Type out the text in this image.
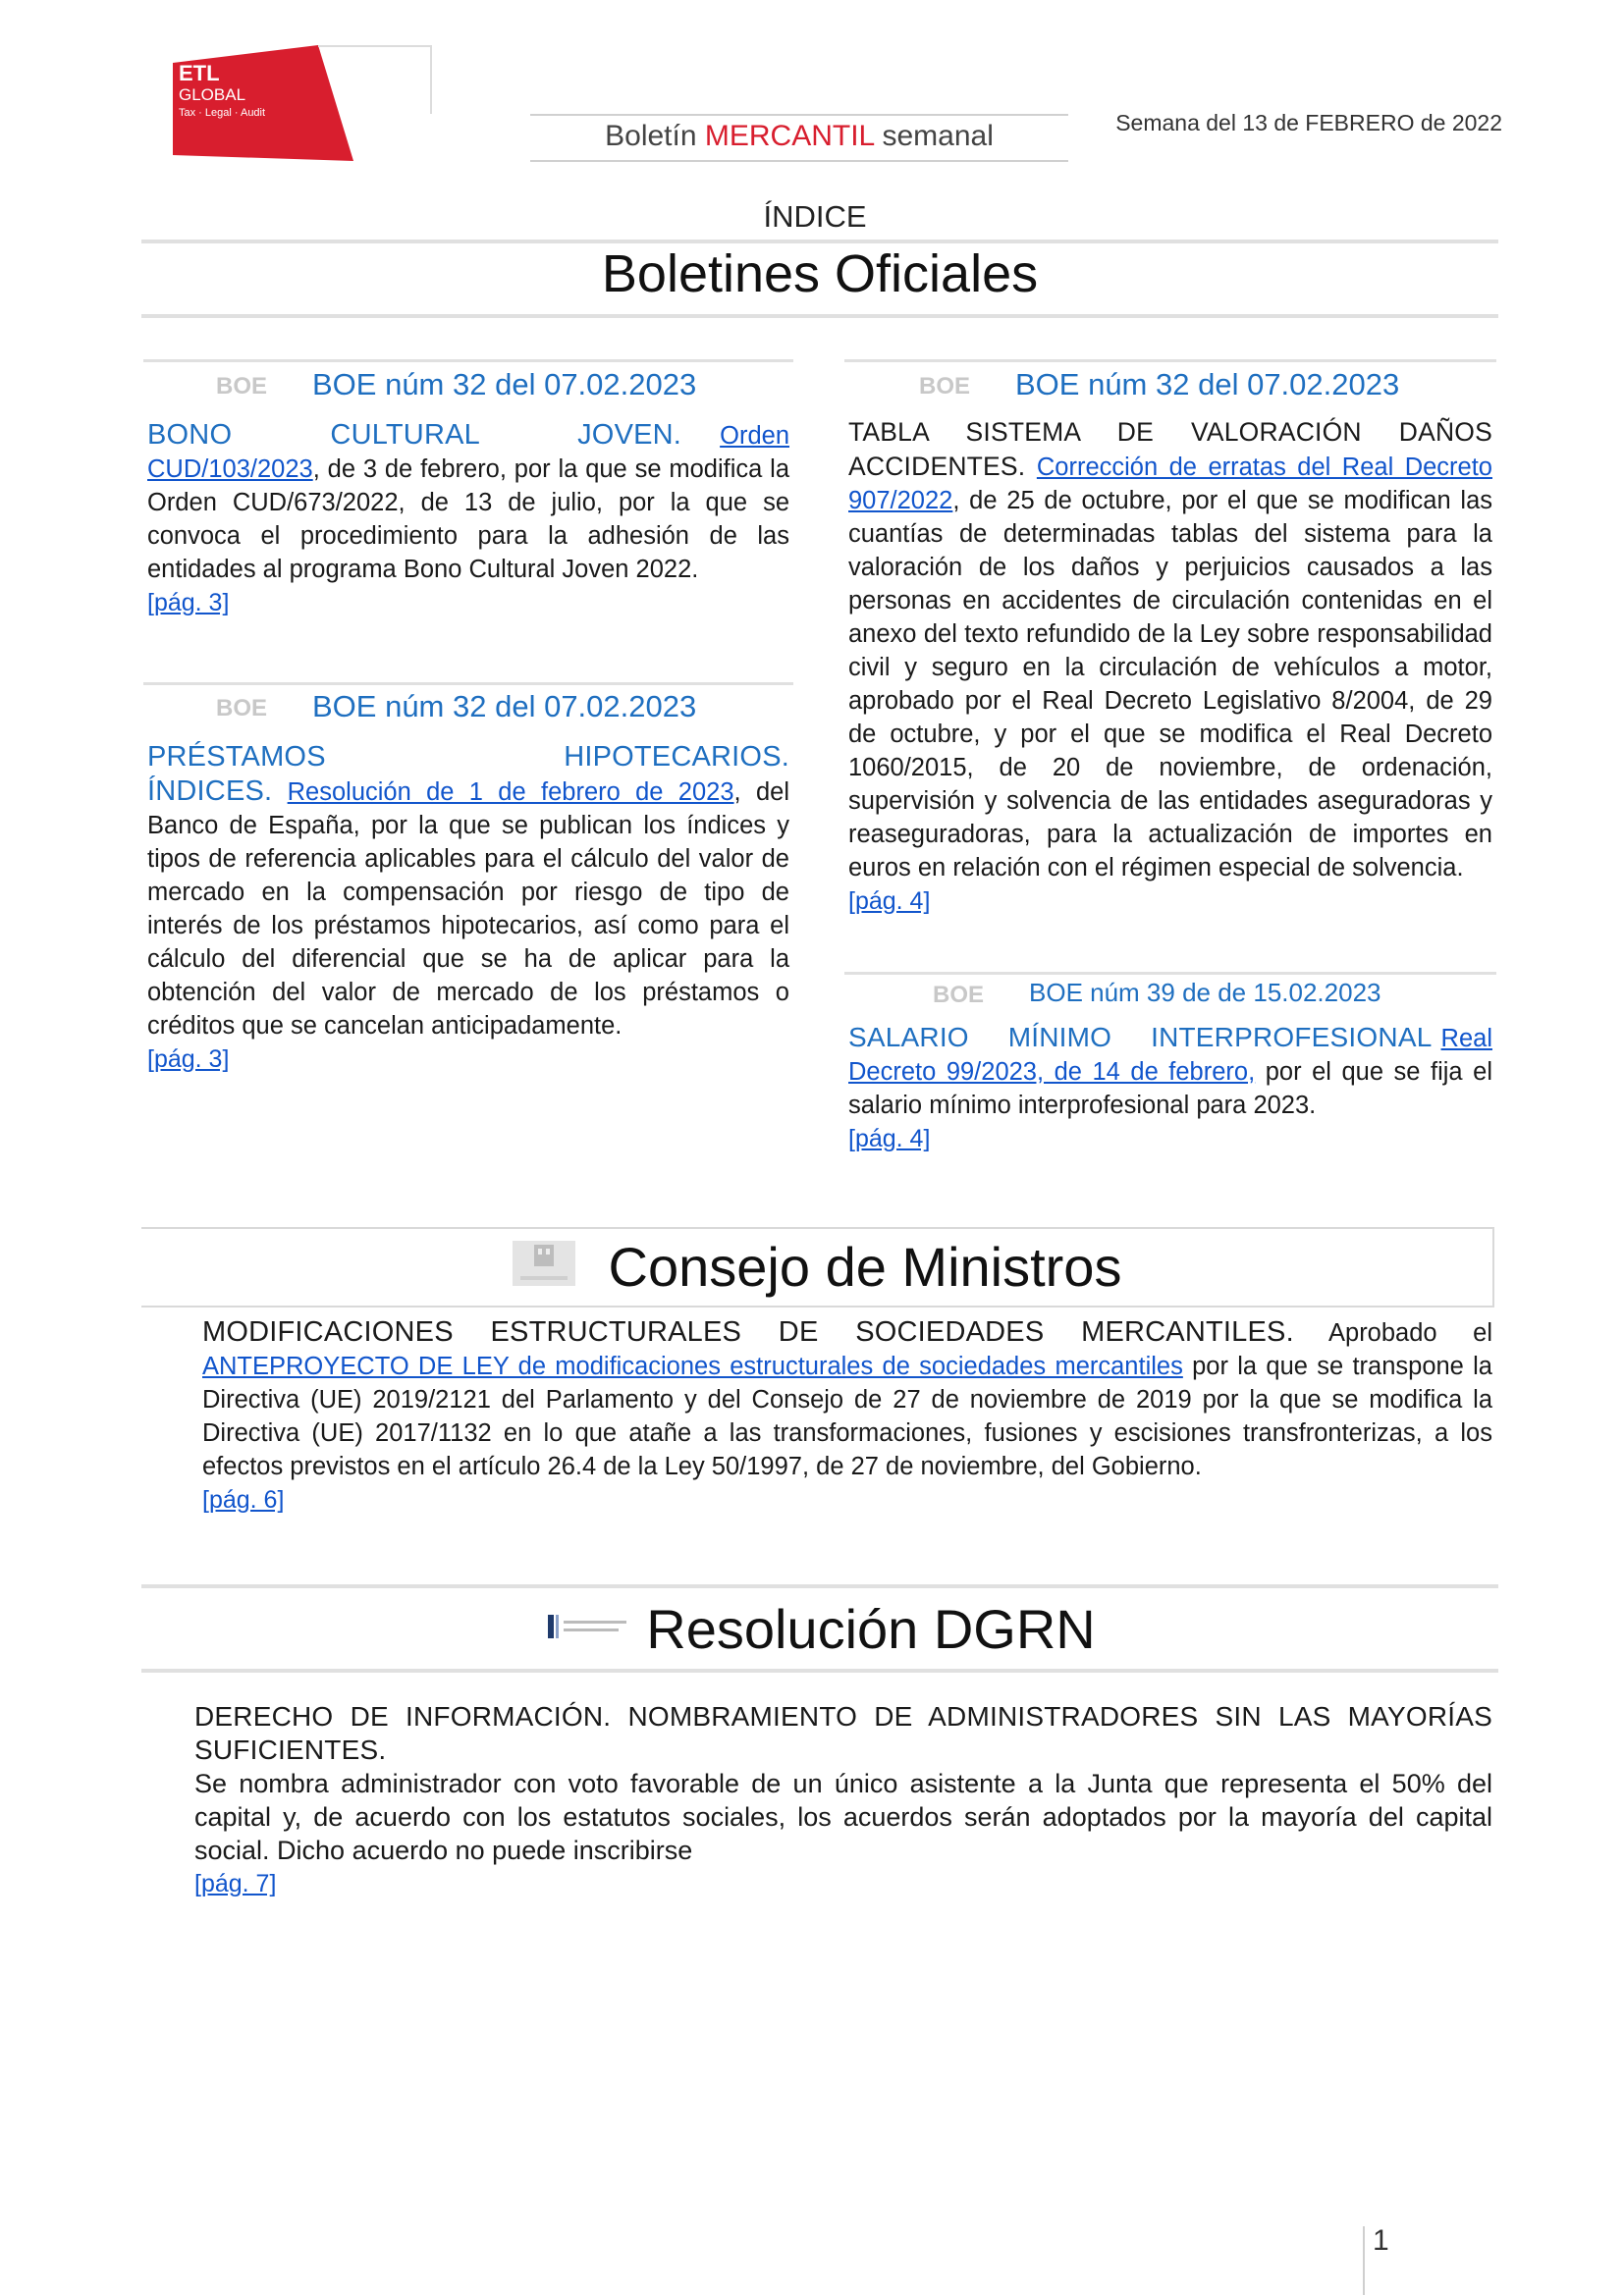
ETL
GLOBAL
Tax · Legal · Audit
Boletín MERCANTIL semanal	Semana del 13 de FEBRERO de 2022
ÍNDICE
Boletines Oficiales
BOE BOE núm 32 del 07.02.2023

BONO CULTURAL JOVEN. Orden CUD/103/2023, de 3 de febrero, por la que se modifica la Orden CUD/673/2022, de 13 de julio, por la que se convoca el procedimiento para la adhesión de las entidades al programa Bono Cultural Joven 2022.

[pág. 3]
BOE BOE núm 32 del 07.02.2023

PRÉSTAMOS HIPOTECARIOS. ÍNDICES. Resolución de 1 de febrero de 2023, del Banco de España, por la que se publican los índices y tipos de referencia aplicables para el cálculo del valor de mercado en la compensación por riesgo de tipo de interés de los préstamos hipotecarios, así como para el cálculo del diferencial que se ha de aplicar para la obtención del valor de mercado de los préstamos o créditos que se cancelan anticipadamente.

[pág. 3]
BOE BOE núm 32 del 07.02.2023

TABLA SISTEMA DE VALORACIÓN DAÑOS ACCIDENTES. Corrección de erratas del Real Decreto 907/2022, de 25 de octubre, por el que se modifican las cuantías de determinadas tablas del sistema para la valoración de los daños y perjuicios causados a las personas en accidentes de circulación contenidas en el anexo del texto refundido de la Ley sobre responsabilidad civil y seguro en la circulación de vehículos a motor, aprobado por el Real Decreto Legislativo 8/2004, de 29 de octubre, y por el que se modifica el Real Decreto 1060/2015, de 20 de noviembre, de ordenación, supervisión y solvencia de las entidades aseguradoras y reaseguradoras, para la actualización de importes en euros en relación con el régimen especial de solvencia.

[pág. 4]
BOE BOE núm 39 de de 15.02.2023

SALARIO MÍNIMO INTERPROFESIONAL Real Decreto 99/2023, de 14 de febrero, por el que se fija el salario mínimo interprofesional para 2023.

[pág. 4]
Consejo de Ministros
MODIFICACIONES ESTRUCTURALES DE SOCIEDADES MERCANTILES. Aprobado el ANTEPROYECTO DE LEY de modificaciones estructurales de sociedades mercantiles por la que se transpone la Directiva (UE) 2019/2121 del Parlamento y del Consejo de 27 de noviembre de 2019 por la que se modifica la Directiva (UE) 2017/1132 en lo que atañe a las transformaciones, fusiones y escisiones transfronterizas, a los efectos previstos en el artículo 26.4 de la Ley 50/1997, de 27 de noviembre, del Gobierno.
[pág. 6]
Resolución DGRN
DERECHO DE INFORMACIÓN. NOMBRAMIENTO DE ADMINISTRADORES SIN LAS MAYORÍAS SUFICIENTES.
Se nombra administrador con voto favorable de un único asistente a la Junta que representa el 50% del capital y, de acuerdo con los estatutos sociales, los acuerdos serán adoptados por la mayoría del capital social. Dicho acuerdo no puede inscribirse
[pág. 7]
1
